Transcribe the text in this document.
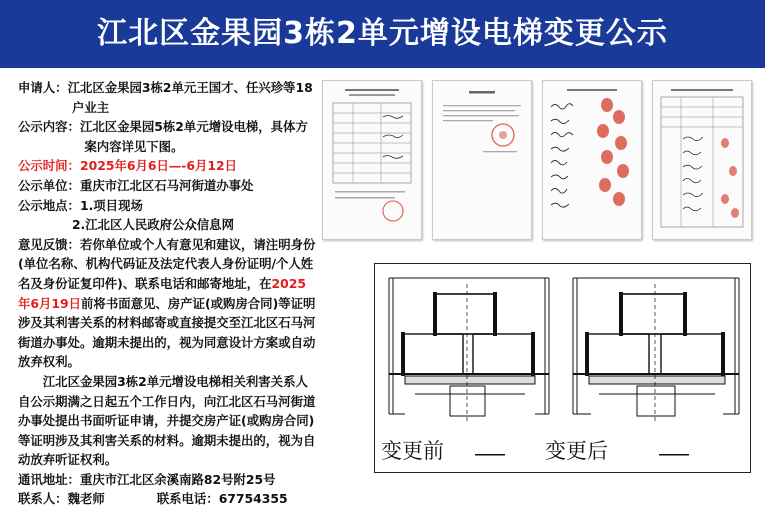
江北区金果园3栋2单元增设电梯变更公示

申请人：江北区金果园3栋2单元王国才、任兴珍等18户业主

公示内容：江北区金果园5栋2单元增设电梯，具体方案内容详见下图。

公示时间：2025年6月6日—-6月12日

公示单位：重庆市江北区石马河街道办事处

公示地点：1.项目现场

2.江北区人民政府公众信息网

意见反馈：若你单位或个人有意见和建议，请注明身份(单位名称、机构代码证及法定代表人身份证明/个人姓名及身份证复印件)、联系电话和邮寄地址，在2025年6月19日前将书面意见、房产证(或购房合同)等证明涉及其利害关系的材料邮寄或直接提交至江北区石马河街道办事处。逾期未提出的，视为同意设计方案或自动放弃权利。

江北区金果园3栋2单元增设电梯相关利害关系人自公示期满之日起五个工作日内，向江北区石马河街道办事处提出书面听证申请，并提交房产证(或购房合同)等证明涉及其利害关系的材料。逾期未提出的，视为自动放弃听证权利。

通讯地址：重庆市江北区余溪南路82号附25号

联系人： 魏老师	联系电话： 67754355

变更前	变更后
